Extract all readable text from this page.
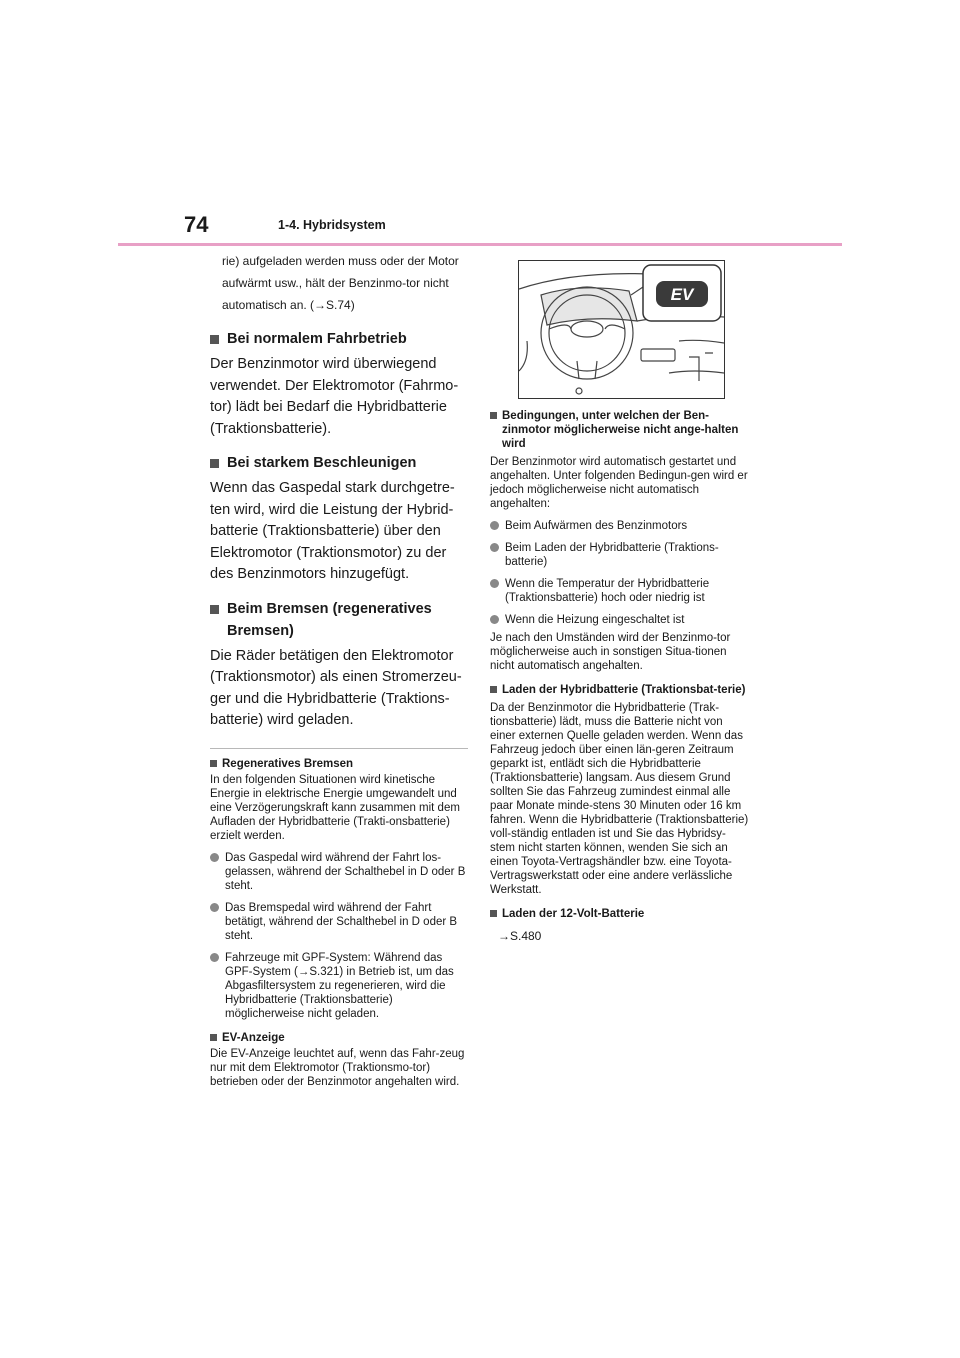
74	1-4. Hybridsystem

rie) aufgeladen werden muss oder der Motor aufwärmt usw., hält der Benzinmo-tor nicht automatisch an. (→S.74)

Bei normalem Fahrbetrieb

Der Benzinmotor wird überwiegend verwendet. Der Elektromotor (Fahrmo-tor) lädt bei Bedarf die Hybridbatterie (Traktionsbatterie).

Bei starkem Beschleunigen

Wenn das Gaspedal stark durchgetre-ten wird, wird die Leistung der Hybrid-batterie (Traktionsbatterie) über den Elektromotor (Traktionsmotor) zu der des Benzinmotors hinzugefügt.

Beim Bremsen (regeneratives Bremsen)

Die Räder betätigen den Elektromotor (Traktionsmotor) als einen Stromerzeu-ger und die Hybridbatterie (Traktions-batterie) wird geladen.

Regeneratives Bremsen

In den folgenden Situationen wird kinetische Energie in elektrische Energie umgewandelt und eine Verzögerungskraft kann zusammen mit dem Aufladen der Hybridbatterie (Trakti-onsbatterie) erzielt werden.

Das Gaspedal wird während der Fahrt los-gelassen, während der Schalthebel in D oder B steht.
Das Bremspedal wird während der Fahrt betätigt, während der Schalthebel in D oder B steht.
Fahrzeuge mit GPF-System: Während das GPF-System (→S.321) in Betrieb ist, um das Abgasfiltersystem zu regenerieren, wird die Hybridbatterie (Traktionsbatterie) möglicherweise nicht geladen.
EV-Anzeige

Die EV-Anzeige leuchtet auf, wenn das Fahr-zeug nur mit dem Elektromotor (Traktionsmo-tor) betrieben oder der Benzinmotor angehalten wird.

EV
Bedingungen, unter welchen der Ben-zinmotor möglicherweise nicht ange-halten wird

Der Benzinmotor wird automatisch gestartet und angehalten. Unter folgenden Bedingun-gen wird er jedoch möglicherweise nicht automatisch angehalten:

Beim Aufwärmen des Benzinmotors
Beim Laden der Hybridbatterie (Traktions-batterie)
Wenn die Temperatur der Hybridbatterie (Traktionsbatterie) hoch oder niedrig ist
Wenn die Heizung eingeschaltet ist

Je nach den Umständen wird der Benzinmo-tor möglicherweise auch in sonstigen Situa-tionen nicht automatisch angehalten.

Laden der Hybridbatterie (Traktionsbat-terie)

Da der Benzinmotor die Hybridbatterie (Trak-tionsbatterie) lädt, muss die Batterie nicht von einer externen Quelle geladen werden. Wenn das Fahrzeug jedoch über einen län-geren Zeitraum geparkt ist, entlädt sich die Hybridbatterie (Traktionsbatterie) langsam. Aus diesem Grund sollten Sie das Fahrzeug zumindest einmal alle paar Monate minde-stens 30 Minuten oder 16 km fahren. Wenn die Hybridbatterie (Traktionsbatterie) voll-ständig entladen ist und Sie das Hybridsy-stem nicht starten können, wenden Sie sich an einen Toyota-Vertragshändler bzw. eine Toyota-Vertragswerkstatt oder eine andere verlässliche Werkstatt.

Laden der 12-Volt-Batterie
→S.480
